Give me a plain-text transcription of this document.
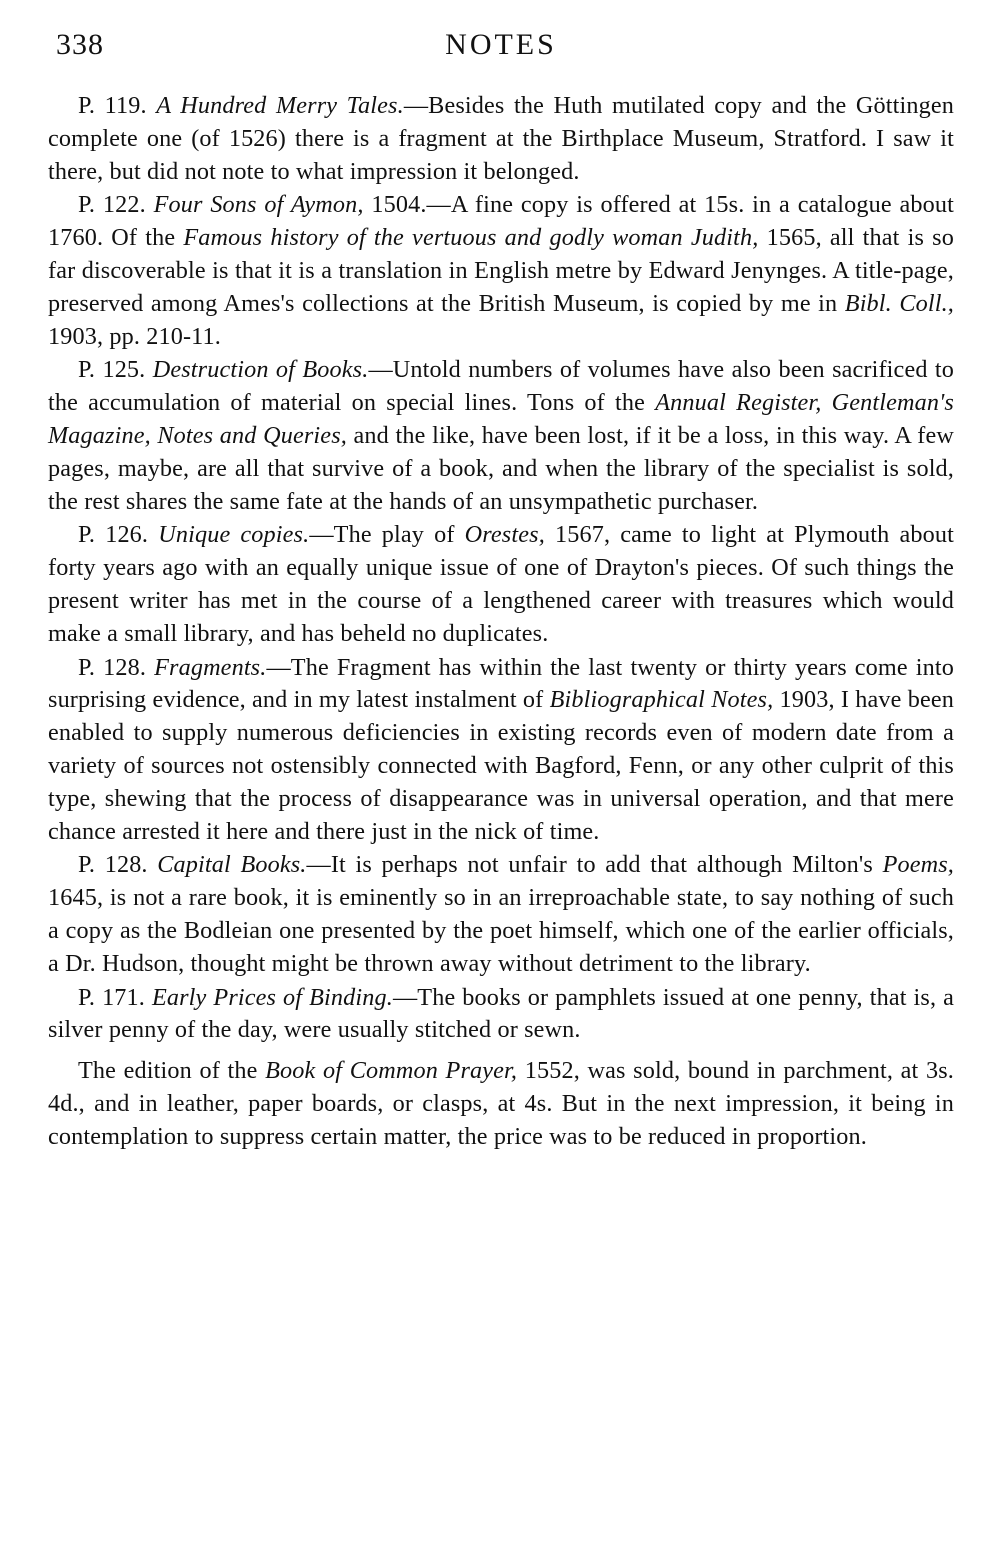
338	NOTES

P. 119. A Hundred Merry Tales.—Besides the Huth mutilated copy and the Göttingen complete one (of 1526) there is a fragment at the Birthplace Museum, Stratford. I saw it there, but did not note to what impression it belonged.

P. 122. Four Sons of Aymon, 1504.—A fine copy is offered at 15s. in a catalogue about 1760. Of the Famous history of the vertuous and godly woman Judith, 1565, all that is so far discoverable is that it is a translation in English metre by Edward Jenynges. A title-page, preserved among Ames's collections at the British Museum, is copied by me in Bibl. Coll., 1903, pp. 210-11.

P. 125. Destruction of Books.—Untold numbers of volumes have also been sacrificed to the accumulation of material on special lines. Tons of the Annual Register, Gentleman's Magazine, Notes and Queries, and the like, have been lost, if it be a loss, in this way. A few pages, maybe, are all that survive of a book, and when the library of the specialist is sold, the rest shares the same fate at the hands of an unsympathetic purchaser.

P. 126. Unique copies.—The play of Orestes, 1567, came to light at Plymouth about forty years ago with an equally unique issue of one of Drayton's pieces. Of such things the present writer has met in the course of a lengthened career with treasures which would make a small library, and has beheld no duplicates.

P. 128. Fragments.—The Fragment has within the last twenty or thirty years come into surprising evidence, and in my latest instalment of Bibliographical Notes, 1903, I have been enabled to supply numerous deficiencies in existing records even of modern date from a variety of sources not ostensibly connected with Bagford, Fenn, or any other culprit of this type, shewing that the process of disappearance was in universal operation, and that mere chance arrested it here and there just in the nick of time.

P. 128. Capital Books.—It is perhaps not unfair to add that although Milton's Poems, 1645, is not a rare book, it is eminently so in an irreproachable state, to say nothing of such a copy as the Bodleian one presented by the poet himself, which one of the earlier officials, a Dr. Hudson, thought might be thrown away without detriment to the library.

P. 171. Early Prices of Binding.—The books or pamphlets issued at one penny, that is, a silver penny of the day, were usually stitched or sewn.

The edition of the Book of Common Prayer, 1552, was sold, bound in parchment, at 3s. 4d., and in leather, paper boards, or clasps, at 4s. But in the next impression, it being in contemplation to suppress certain matter, the price was to be reduced in proportion.
